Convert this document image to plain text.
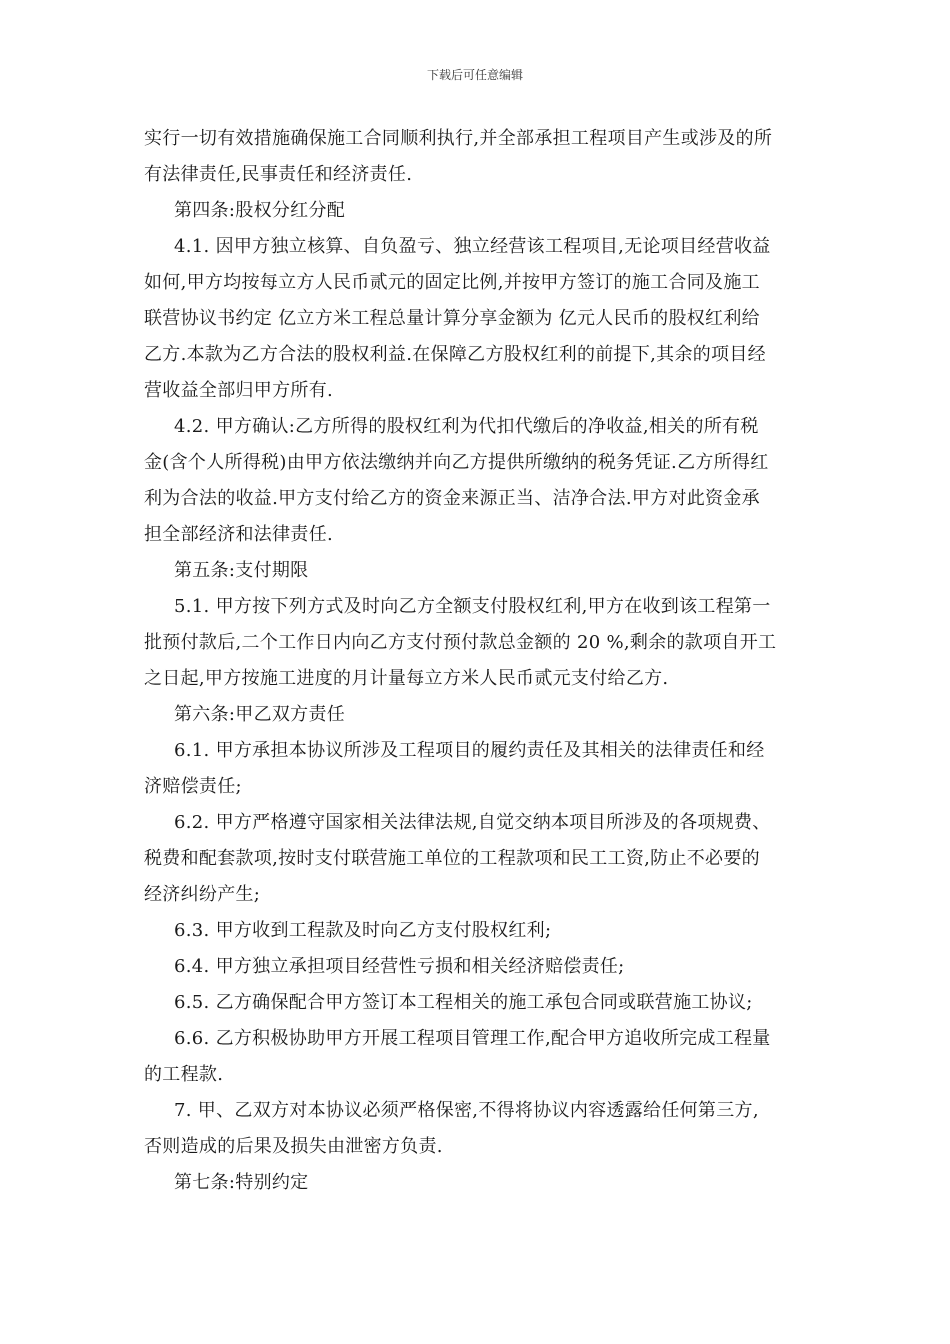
下载后可任意编辑
实行一切有效措施确保施工合同顺利执行,并全部承担工程项目产生或涉及的所
有法律责任,民事责任和经济责任.
第四条:股权分红分配
4.1. 因甲方独立核算、自负盈亏、独立经营该工程项目,无论项目经营收益
如何,甲方均按每立方人民币贰元的固定比例,并按甲方签订的施工合同及施工
联营协议书约定 亿立方米工程总量计算分享金额为 亿元人民币的股权红利给
乙方.本款为乙方合法的股权利益.在保障乙方股权红利的前提下,其余的项目经
营收益全部归甲方所有.
4.2. 甲方确认:乙方所得的股权红利为代扣代缴后的净收益,相关的所有税
金(含个人所得税)由甲方依法缴纳并向乙方提供所缴纳的税务凭证.乙方所得红
利为合法的收益.甲方支付给乙方的资金来源正当、洁净合法.甲方对此资金承
担全部经济和法律责任.
第五条:支付期限
5.1. 甲方按下列方式及时向乙方全额支付股权红利,甲方在收到该工程第一
批预付款后,二个工作日内向乙方支付预付款总金额的 20 %,剩余的款项自开工
之日起,甲方按施工进度的月计量每立方米人民币贰元支付给乙方.
第六条:甲乙双方责任
6.1. 甲方承担本协议所涉及工程项目的履约责任及其相关的法律责任和经
济赔偿责任;
6.2. 甲方严格遵守国家相关法律法规,自觉交纳本项目所涉及的各项规费、
税费和配套款项,按时支付联营施工单位的工程款项和民工工资,防止不必要的
经济纠纷产生;
6.3. 甲方收到工程款及时向乙方支付股权红利;
6.4. 甲方独立承担项目经营性亏损和相关经济赔偿责任;
6.5. 乙方确保配合甲方签订本工程相关的施工承包合同或联营施工协议;
6.6. 乙方积极协助甲方开展工程项目管理工作,配合甲方追收所完成工程量
的工程款.
7. 甲、乙双方对本协议必须严格保密,不得将协议内容透露给任何第三方,
否则造成的后果及损失由泄密方负责.
第七条:特别约定
